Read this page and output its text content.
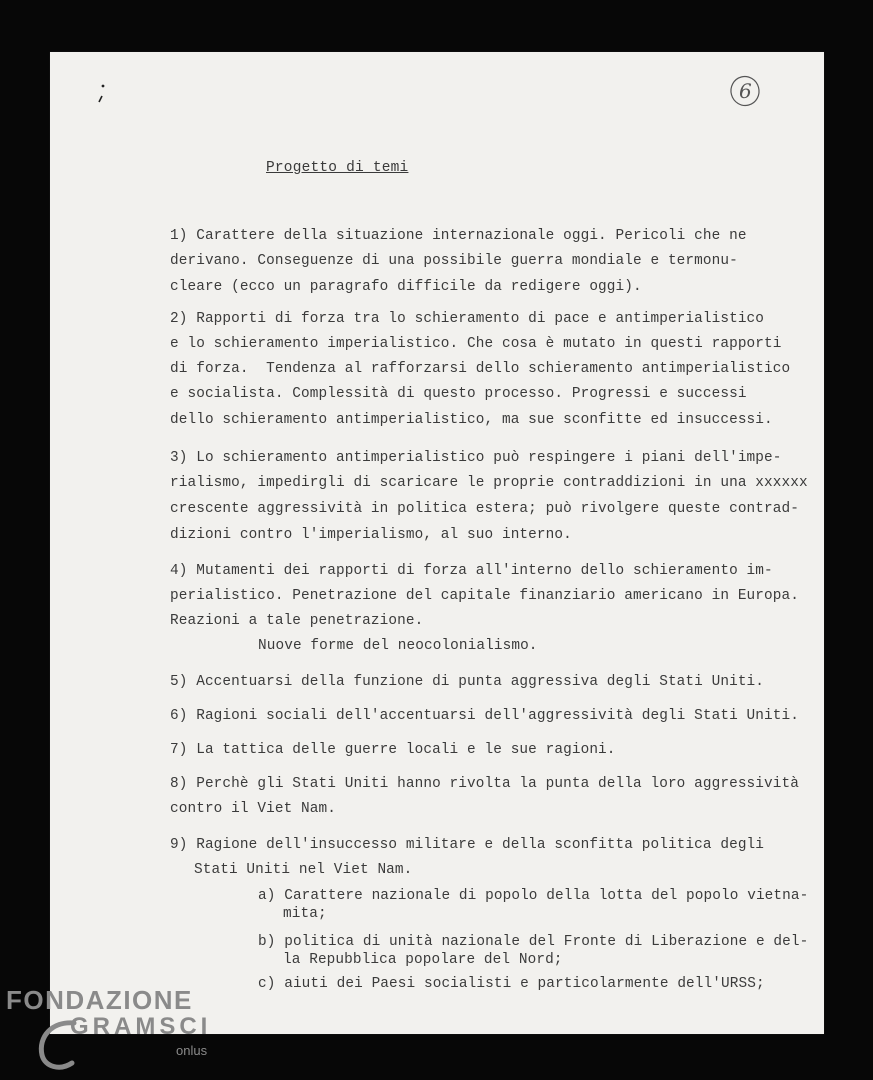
6
Progetto di temi
1) Carattere della situazione internazionale oggi. Pericoli che ne
derivano. Conseguenze di una possibile guerra mondiale e termonu-
cleare (ecco un paragrafo difficile da redigere oggi).
2) Rapporti di forza tra lo schieramento di pace e antimperialistico
e lo schieramento imperialistico. Che cosa è mutato in questi rapporti
di forza.  Tendenza al rafforzarsi dello schieramento antimperialistico
e socialista. Complessità di questo processo. Progressi e successi
dello schieramento antimperialistico, ma sue sconfitte ed insuccessi.
3) Lo schieramento antimperialistico può respingere i piani dell'impe-
rialismo, impedirgli di scaricare le proprie contraddizioni in una xxxxxx
crescente aggressività in politica estera; può rivolgere queste contrad-
dizioni contro l'imperialismo, al suo interno.
4) Mutamenti dei rapporti di forza all'interno dello schieramento im-
perialistico. Penetrazione del capitale finanziario americano in Europa.
Reazioni a tale penetrazione.
Nuove forme del neocolonialismo.
5) Accentuarsi della funzione di punta aggressiva degli Stati Uniti.
6) Ragioni sociali dell'accentuarsi dell'aggressività degli Stati Uniti.
7) La tattica delle guerre locali e le sue ragioni.
8) Perchè gli Stati Uniti hanno rivolta la punta della loro aggressività
contro il Viet Nam.
9) Ragione dell'insuccesso militare e della sconfitta politica degli
Stati Uniti nel Viet Nam.
a) Carattere nazionale di popolo della lotta del popolo vietna-
mita;
b) politica di unità nazionale del Fronte di Liberazione e del-
la Repubblica popolare del Nord;
c) aiuti dei Paesi socialisti e particolarmente dell'URSS;
FONDAZIONE
GRAMSCI
onlus
